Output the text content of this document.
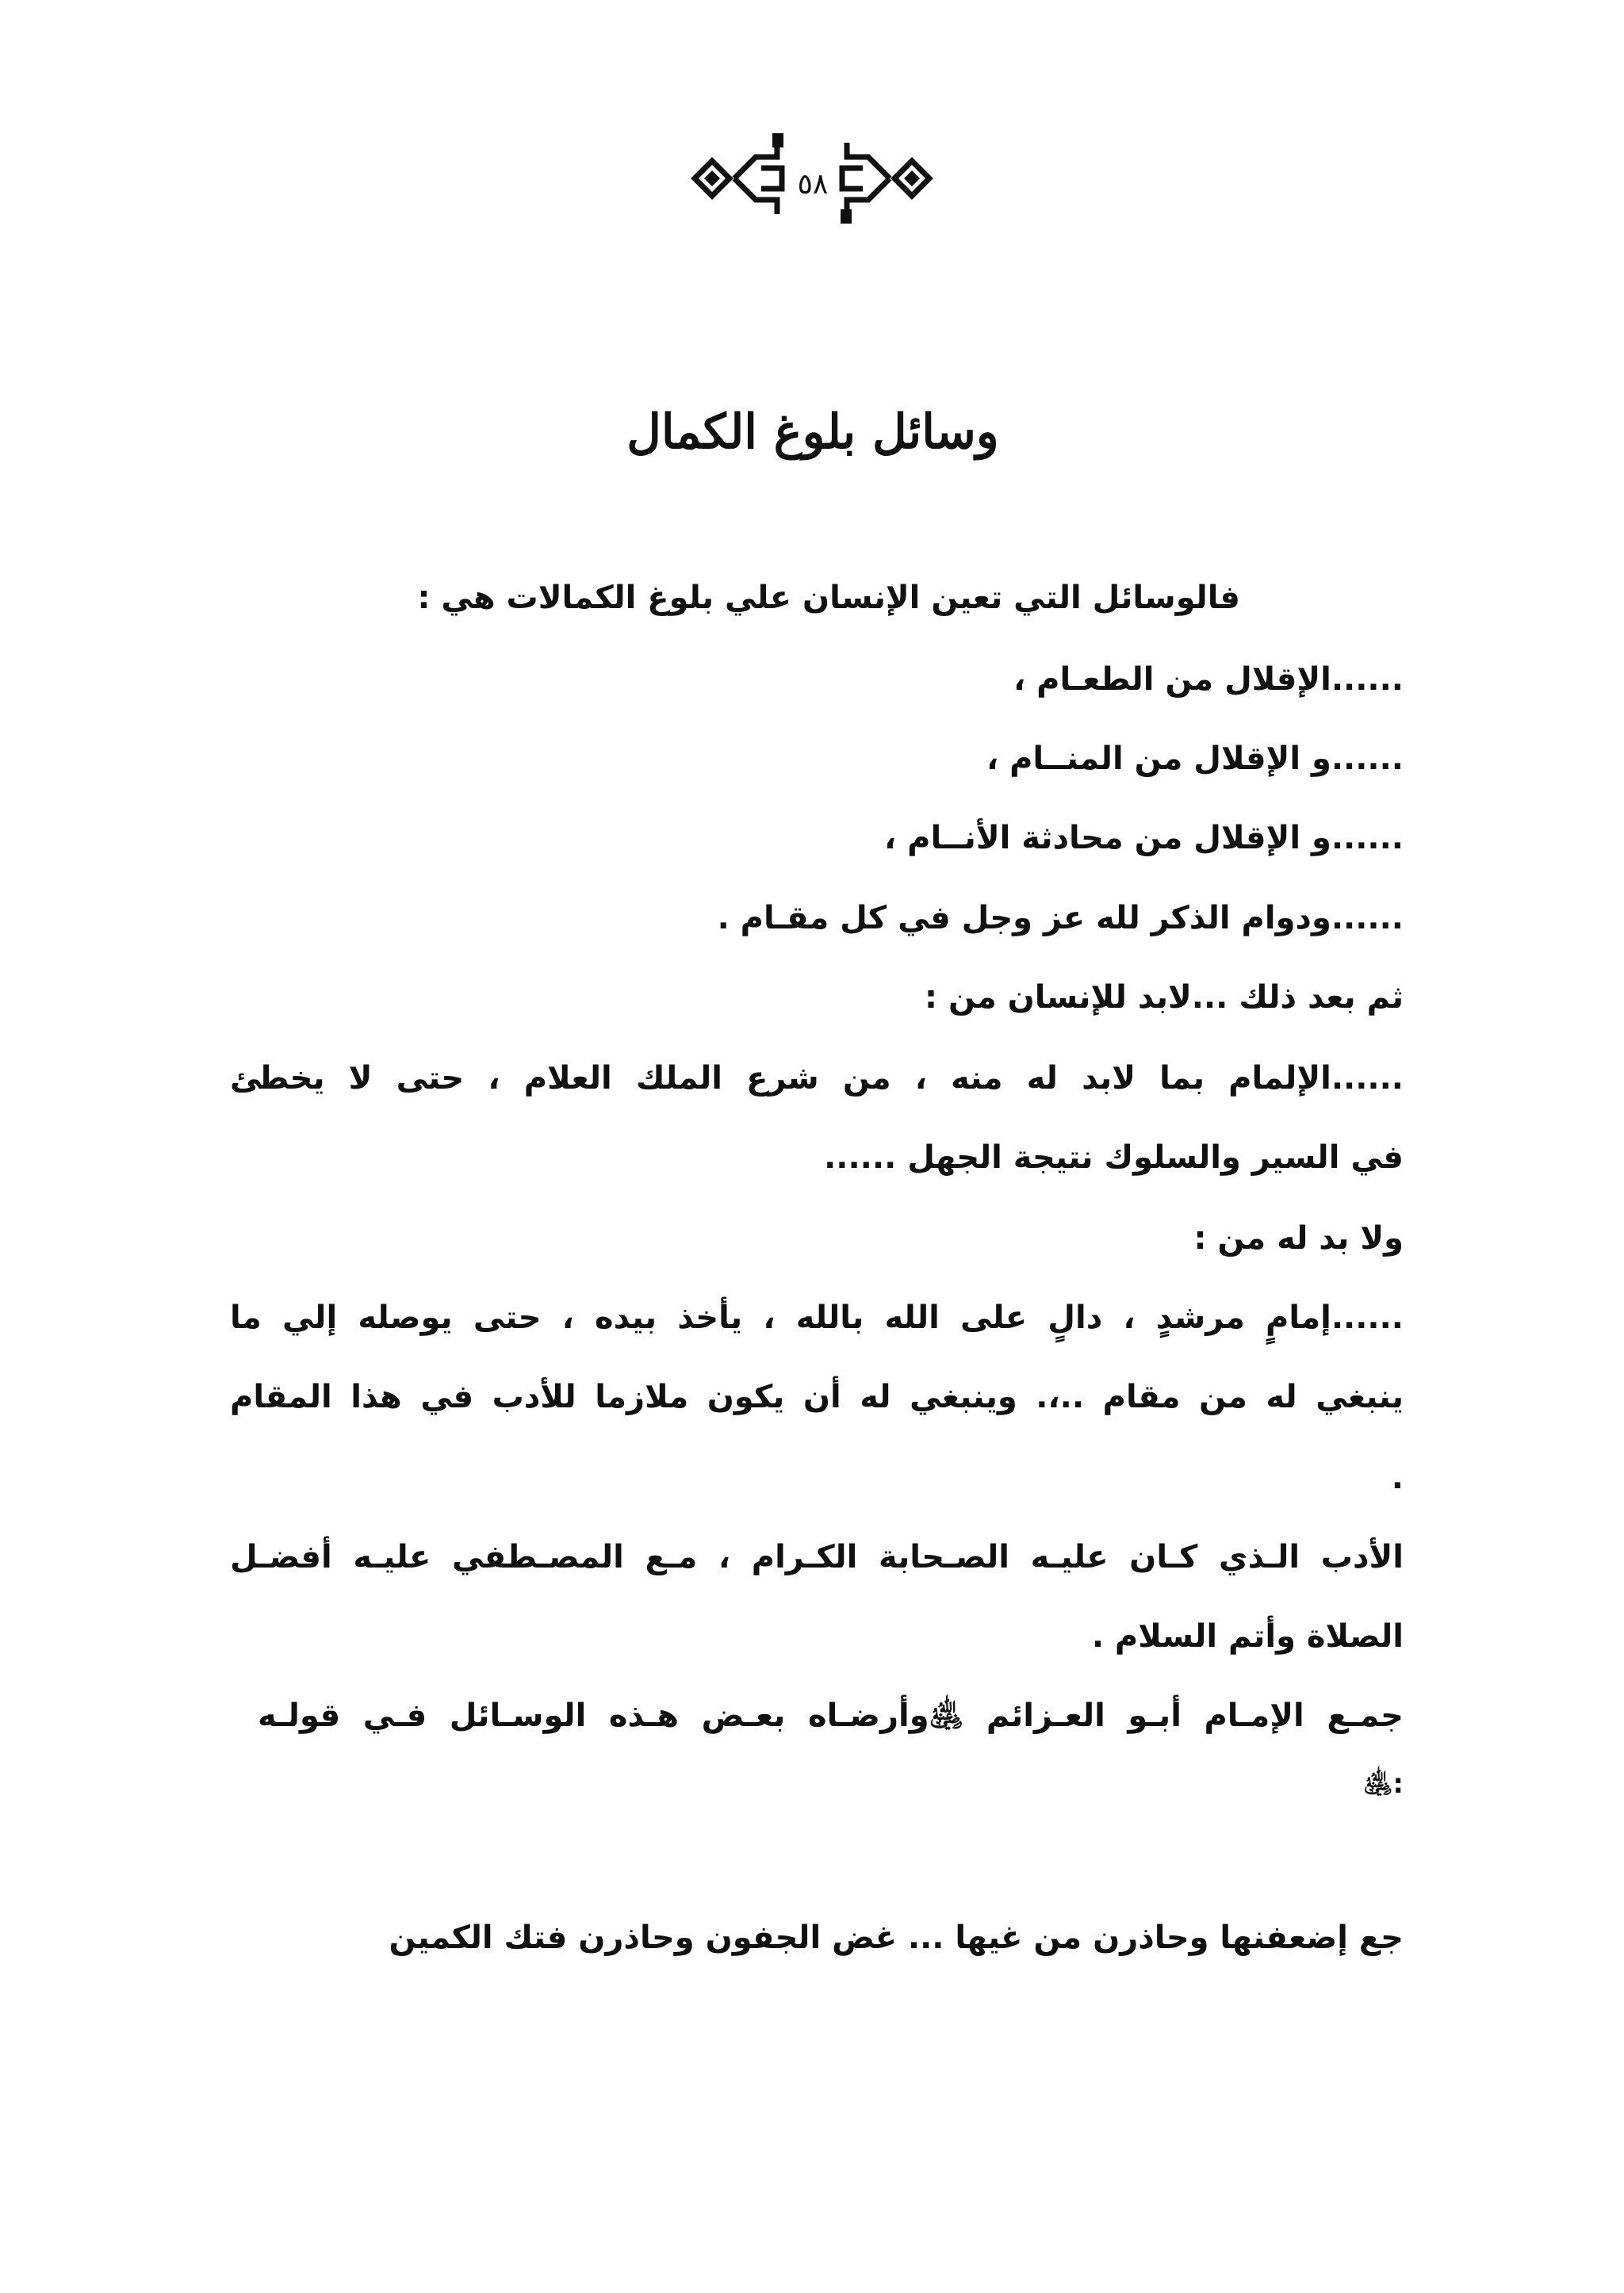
٥٨
وسائل بلوغ الكمال
فالوسائل التي تعين الإنسان علي بلوغ الكمالات هي :
......الإقلال من الطعـام ،
......و الإقلال من المنــام ،
......و الإقلال من محادثة الأنــام ،
......ودوام الذكر لله عز وجل في كل مقـام .
ثم بعد ذلك ...لابد للإنسان من :
......الإلمام بما لابد له منه ، من شرع الملك العلام ، حتى لا يخطئ
في السير والسلوك نتيجة الجهل ......
ولا بد له من :
......إمامٍ مرشدٍ ، دالٍ على الله بالله ، يأخذ بيده ، حتى يوصله إلي ما
ينبغي له من مقام ..،. وينبغي له أن يكون ملازما للأدب في هذا المقام
.
الأدب الـذي كـان عليـه الصـحابة الكـرام ، مـع المصـطفي عليـه أفضـل
الصلاة وأتم السلام .
جمـع الإمـام أبـو العـزائم ﵁وأرضـاه بعـض هـذه الوسـائل فـي قولـه
﵁:
جع إضعفنها وحاذرن من غيها ... غض الجفون وحاذرن فتك الكمين
